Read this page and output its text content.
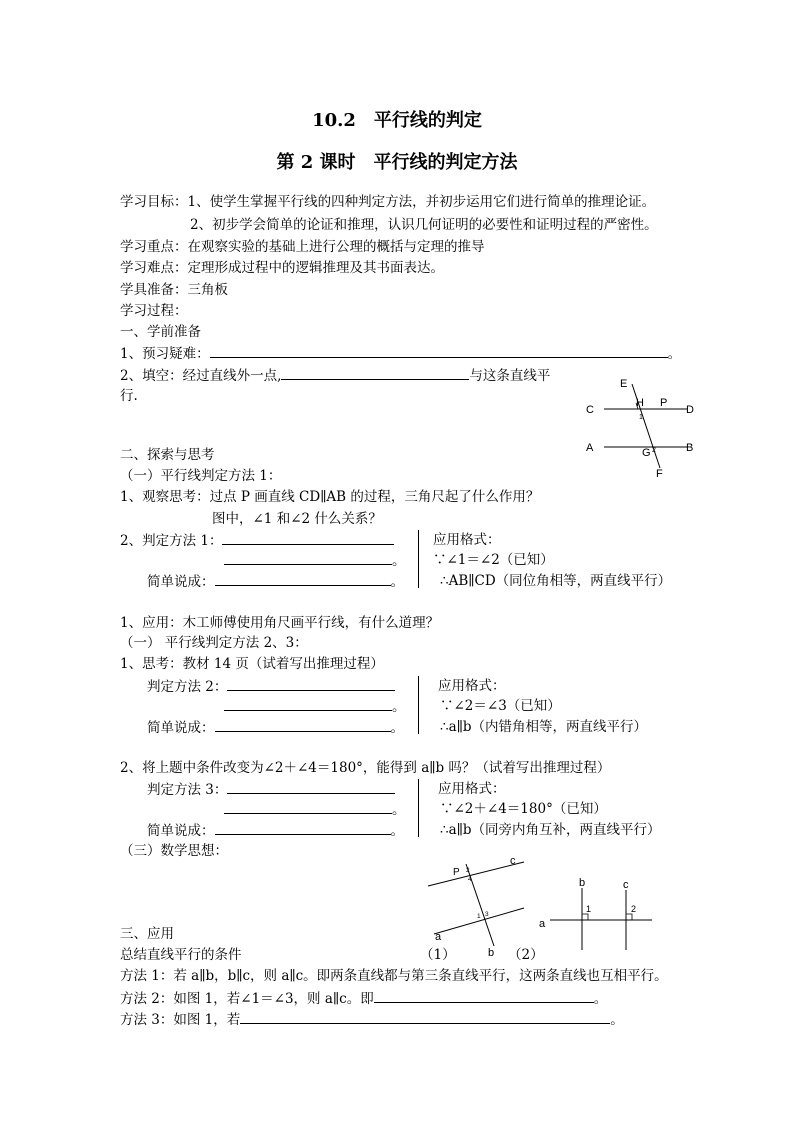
10.2　平行线的判定
第 2 课时　平行线的判定方法
学习目标：1、使学生掌握平行线的四种判定方法，并初步运用它们进行简单的推理论证。
2、初步学会简单的论证和推理，认识几何证明的必要性和证明过程的严密性。
学习重点：在观察实验的基础上进行公理的概括与定理的推导
学习难点：定理形成过程中的逻辑推理及其书面表达。
学具准备：三角板
学习过程：
一、学前准备
1、预习疑难：	。
2、填空：经过直线外一点,	与这条直线平
行.
E
H P
C	D
A	B
G
F
1
2
二、探索与思考
（一）平行线判定方法 1：
1、观察思考：过点 P 画直线 CD∥AB 的过程，三角尺起了什么作用？
图中，∠1 和∠2 什么关系？
2、判定方法 1：
。
简单说成：	。
应用格式：
∵∠1＝∠2（已知）
∴AB∥CD（同位角相等，两直线平行）
1、应用：木工师傅使用角尺画平行线，有什么道理？
（一） 平行线判定方法 2、3：
1、思考：教材 14 页（试着写出推理过程）
判定方法 2：
。
简单说成：	。
应用格式：
∵∠2＝∠3（已知）
∴a∥b（内错角相等，两直线平行）
2、将上题中条件改变为∠2＋∠4＝180°，能得到 a∥b 吗？（试着写出推理过程）
判定方法 3：
。
简单说成：	。
应用格式：
∵∠2＋∠4＝180°（已知）
∴a∥b（同旁内角互补，两直线平行）
（三）数学思想：
c
P
a
b
2
4
1 3
b	c
a
1	2
三、应用
总结直线平行的条件	（1）	（2）
方法 1：若 a∥b，b∥c，则 a∥c。即两条直线都与第三条直线平行，这两条直线也互相平行。
方法 2：如图 1，若∠1＝∠3，则 a∥c。即	。
方法 3：如图 1，若	。
